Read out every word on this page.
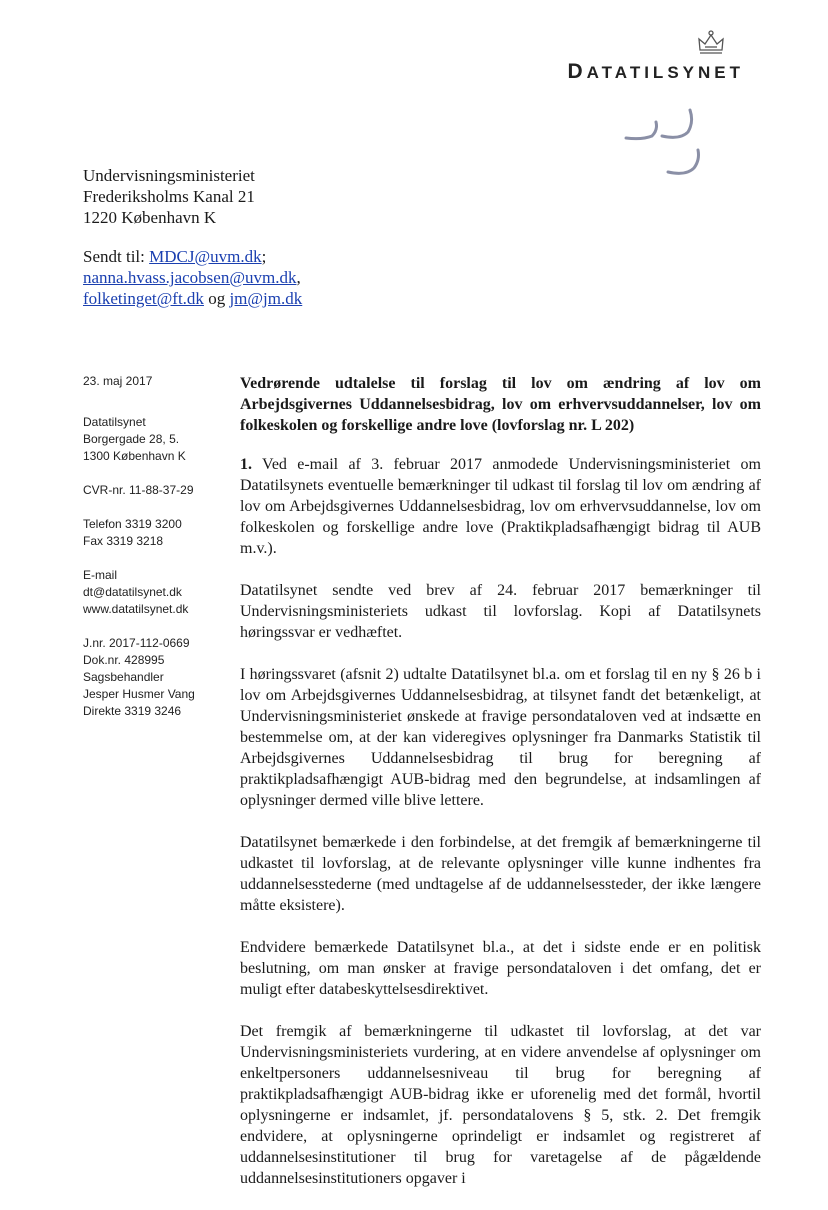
DATATILSYNET
Undervisningsministeriet
Frederiksholms Kanal 21
1220 København K
Sendt til: MDCJ@uvm.dk; nanna.hvass.jacobsen@uvm.dk, folketinget@ft.dk og jm@jm.dk
23. maj 2017
Datatilsynet
Borgergade 28, 5.
1300 København K
CVR-nr. 11-88-37-29
Telefon 3319 3200
Fax 3319 3218
E-mail
dt@datatilsynet.dk
www.datatilsynet.dk
J.nr. 2017-112-0669
Dok.nr. 428995
Sagsbehandler
Jesper Husmer Vang
Direkte 3319 3246
Vedrørende udtalelse til forslag til lov om ændring af lov om Arbejdsgivernes Uddannelsesbidrag, lov om erhvervsuddannelser, lov om folkeskolen og forskellige andre love (lovforslag nr. L 202)

1. Ved e-mail af 3. februar 2017 anmodede Undervisningsministeriet om Datatilsynets eventuelle bemærkninger til udkast til forslag til lov om ændring af lov om Arbejdsgivernes Uddannelsesbidrag, lov om erhvervsuddannelse, lov om folkeskolen og forskellige andre love (Praktikpladsafhængigt bidrag til AUB m.v.).

Datatilsynet sendte ved brev af 24. februar 2017 bemærkninger til Undervisningsministeriets udkast til lovforslag. Kopi af Datatilsynets høringssvar er vedhæftet.

I høringssvaret (afsnit 2) udtalte Datatilsynet bl.a. om et forslag til en ny § 26 b i lov om Arbejdsgivernes Uddannelsesbidrag, at tilsynet fandt det betænkeligt, at Undervisningsministeriet ønskede at fravige persondataloven ved at indsætte en bestemmelse om, at der kan videregives oplysninger fra Danmarks Statistik til Arbejdsgivernes Uddannelsesbidrag til brug for beregning af praktikpladsafhængigt AUB-bidrag med den begrundelse, at indsamlingen af oplysninger dermed ville blive lettere.

Datatilsynet bemærkede i den forbindelse, at det fremgik af bemærkningerne til udkastet til lovforslag, at de relevante oplysninger ville kunne indhentes fra uddannelsesstederne (med undtagelse af de uddannelsessteder, der ikke længere måtte eksistere).

Endvidere bemærkede Datatilsynet bl.a., at det i sidste ende er en politisk beslutning, om man ønsker at fravige persondataloven i det omfang, det er muligt efter databeskyttelsesdirektivet.

Det fremgik af bemærkningerne til udkastet til lovforslag, at det var Undervisningsministeriets vurdering, at en videre anvendelse af oplysninger om enkeltpersoners uddannelsesniveau til brug for beregning af praktikpladsafhængigt AUB-bidrag ikke er uforenelig med det formål, hvortil oplysningerne er indsamlet, jf. persondatalovens § 5, stk. 2. Det fremgik endvidere, at oplysningerne oprindeligt er indsamlet og registreret af uddannelsesinstitutioner til brug for varetagelse af de pågældende uddannelsesinstitutioners opgaver i
